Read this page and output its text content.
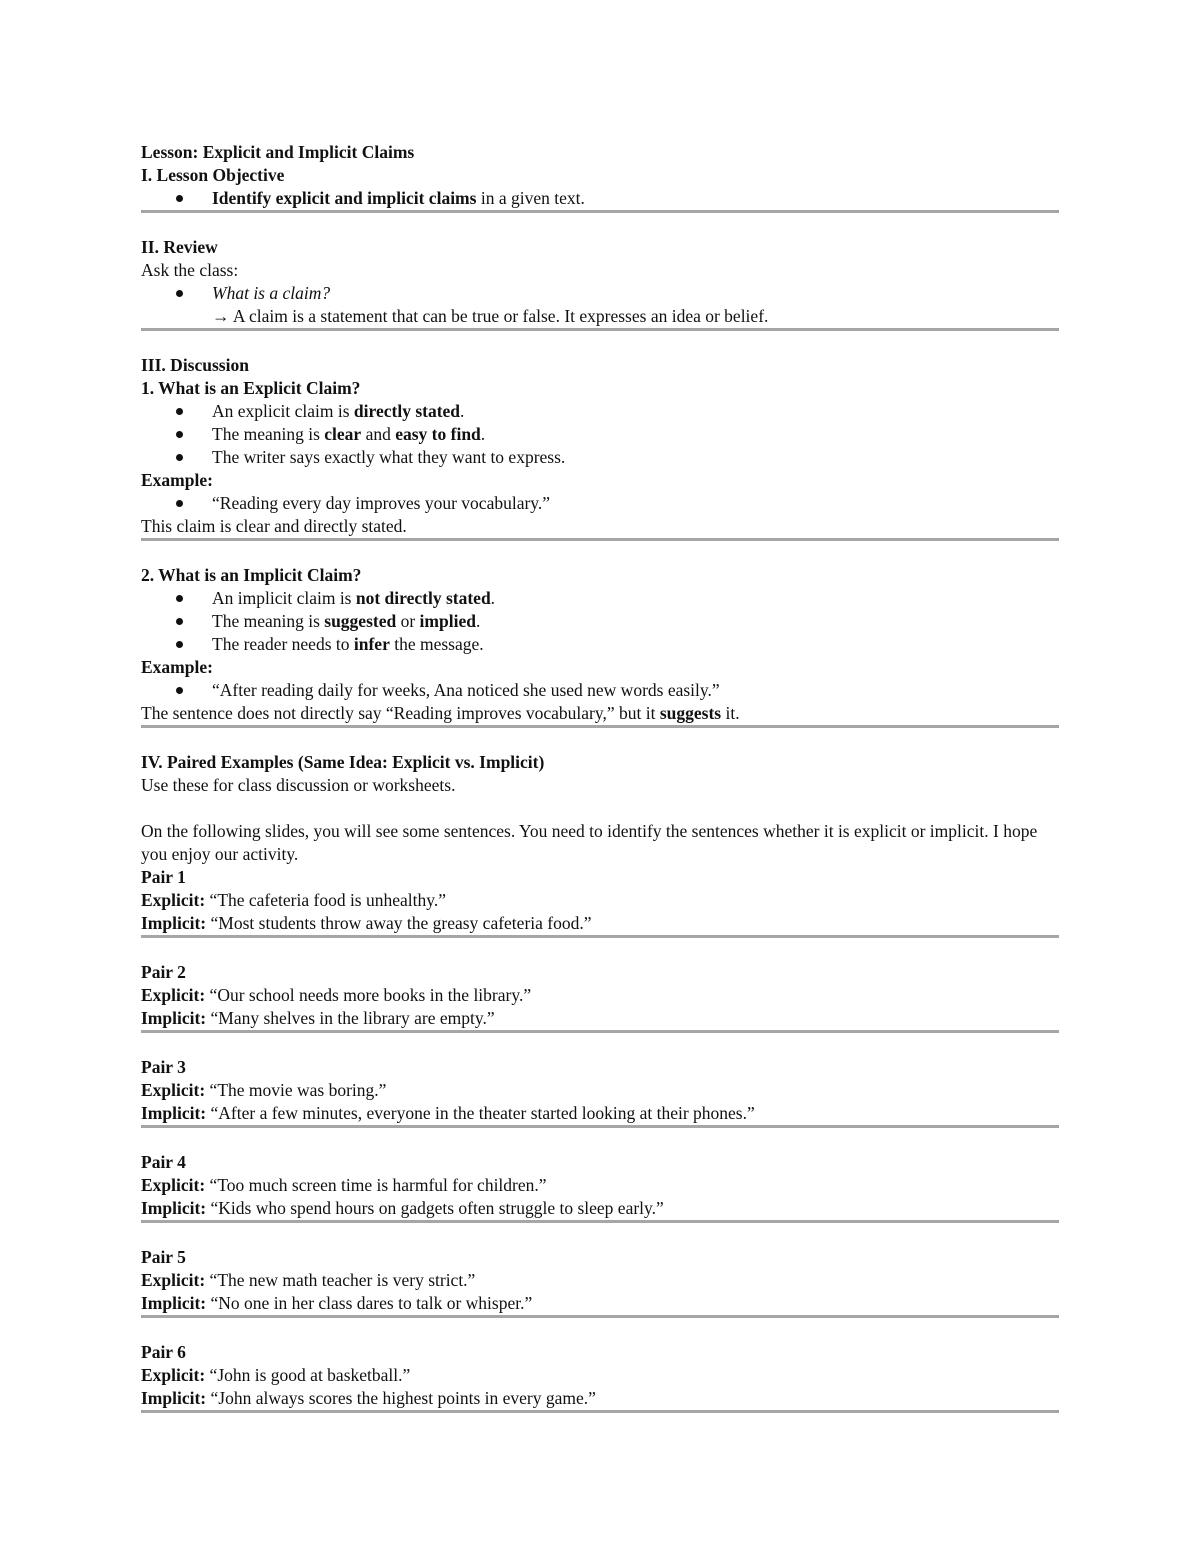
Lesson: Explicit and Implicit Claims
I. Lesson Objective
Identify explicit and implicit claims in a given text.
II. Review
Ask the class:
What is a claim?
→ A claim is a statement that can be true or false. It expresses an idea or belief.
III. Discussion
1. What is an Explicit Claim?
An explicit claim is directly stated.
The meaning is clear and easy to find.
The writer says exactly what they want to express.
Example:
“Reading every day improves your vocabulary.”
This claim is clear and directly stated.
2. What is an Implicit Claim?
An implicit claim is not directly stated.
The meaning is suggested or implied.
The reader needs to infer the message.
Example:
“After reading daily for weeks, Ana noticed she used new words easily.”
The sentence does not directly say “Reading improves vocabulary,” but it suggests it.
IV. Paired Examples (Same Idea: Explicit vs. Implicit)
Use these for class discussion or worksheets.
On the following slides, you will see some sentences. You need to identify the sentences whether it is explicit or implicit. I hope you enjoy our activity.
Pair 1
Explicit: “The cafeteria food is unhealthy.”
Implicit: “Most students throw away the greasy cafeteria food.”
Pair 2
Explicit: “Our school needs more books in the library.”
Implicit: “Many shelves in the library are empty.”
Pair 3
Explicit: “The movie was boring.”
Implicit: “After a few minutes, everyone in the theater started looking at their phones.”
Pair 4
Explicit: “Too much screen time is harmful for children.”
Implicit: “Kids who spend hours on gadgets often struggle to sleep early.”
Pair 5
Explicit: “The new math teacher is very strict.”
Implicit: “No one in her class dares to talk or whisper.”
Pair 6
Explicit: “John is good at basketball.”
Implicit: “John always scores the highest points in every game.”
